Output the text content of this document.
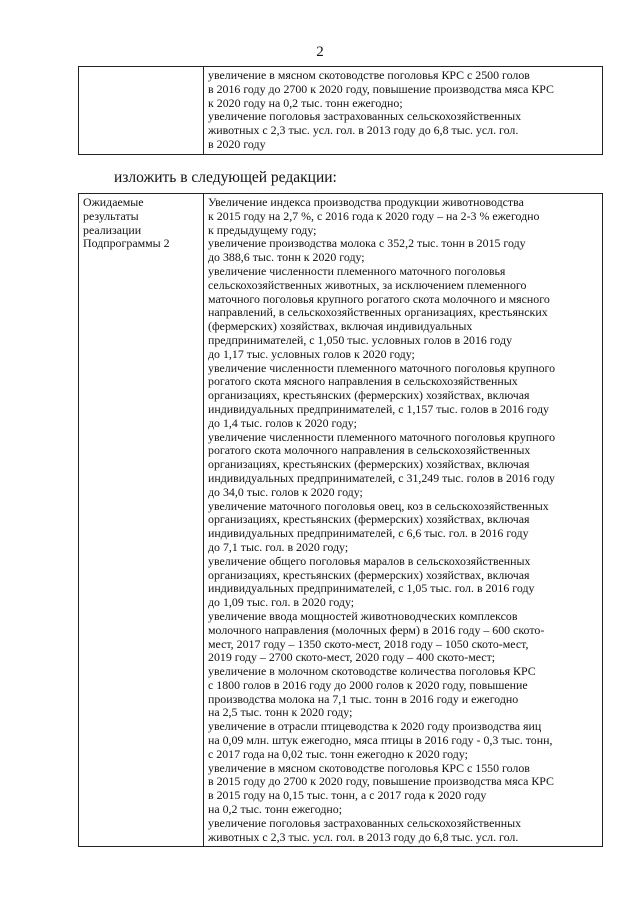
2

увеличение в мясном скотоводстве поголовья КРС с 2500 голов
в 2016 году до 2700 к 2020 году, повышение производства мяса КРС
к 2020 году на 0,2 тыс. тонн ежегодно;
увеличение поголовья застрахованных сельскохозяйственных
животных с 2,3 тыс. усл. гол. в 2013 году до 6,8 тыс. усл. гол.
в 2020 году
изложить в следующей редакции:
Ожидаемые
результаты
реализации
Подпрограммы 2

Увеличение индекса производства продукции животноводства
к 2015 году на 2,7 %, с 2016 года к 2020 году – на 2-3 % ежегодно
к предыдущему году;
увеличение производства молока с 352,2 тыс. тонн в 2015 году
до 388,6 тыс. тонн к 2020 году;
увеличение численности племенного маточного поголовья
сельскохозяйственных животных, за исключением племенного
маточного поголовья крупного рогатого скота молочного и мясного
направлений, в сельскохозяйственных организациях, крестьянских
(фермерских) хозяйствах, включая индивидуальных
предпринимателей, с 1,050 тыс. условных голов в 2016 году
до 1,17 тыс. условных голов к 2020 году;
увеличение численности племенного маточного поголовья крупного
рогатого скота мясного направления в сельскохозяйственных
организациях, крестьянских (фермерских) хозяйствах, включая
индивидуальных предпринимателей, с 1,157 тыс. голов в 2016 году
до 1,4 тыс. голов к 2020 году;
увеличение численности племенного маточного поголовья крупного
рогатого скота молочного направления в сельскохозяйственных
организациях, крестьянских (фермерских) хозяйствах, включая
индивидуальных предпринимателей, с 31,249 тыс. голов в 2016 году
до 34,0 тыс. голов к 2020 году;
увеличение маточного поголовья овец, коз в сельскохозяйственных
организациях, крестьянских (фермерских) хозяйствах, включая
индивидуальных предпринимателей, с 6,6 тыс. гол. в 2016 году
до 7,1 тыс. гол. в 2020 году;
увеличение общего поголовья маралов в сельскохозяйственных
организациях, крестьянских (фермерских) хозяйствах, включая
индивидуальных предпринимателей, с 1,05 тыс. гол. в 2016 году
до 1,09 тыс. гол. в 2020 году;
увеличение ввода мощностей животноводческих комплексов
молочного направления (молочных ферм) в 2016 году – 600 ското-
мест, 2017 году – 1350 ското-мест, 2018 году – 1050 ското-мест,
2019 году – 2700 ското-мест, 2020 году – 400 ското-мест;
увеличение в молочном скотоводстве количества поголовья КРС
с 1800 голов в 2016 году до 2000 голов к 2020 году, повышение
производства молока на 7,1 тыс. тонн в 2016 году и ежегодно
на 2,5 тыс. тонн к 2020 году;
увеличение в отрасли птицеводства к 2020 году производства яиц
на 0,09 млн. штук ежегодно, мяса птицы в 2016 году - 0,3 тыс. тонн,
с 2017 года на 0,02 тыс. тонн ежегодно к 2020 году;
увеличение в мясном скотоводстве поголовья КРС с 1550 голов
в 2015 году до 2700 к 2020 году, повышение производства мяса КРС
в 2015 году на 0,15 тыс. тонн, а с 2017 года к 2020 году
на 0,2 тыс. тонн ежегодно;
увеличение поголовья застрахованных сельскохозяйственных
животных с 2,3 тыс. усл. гол. в 2013 году до 6,8 тыс. усл. гол.
